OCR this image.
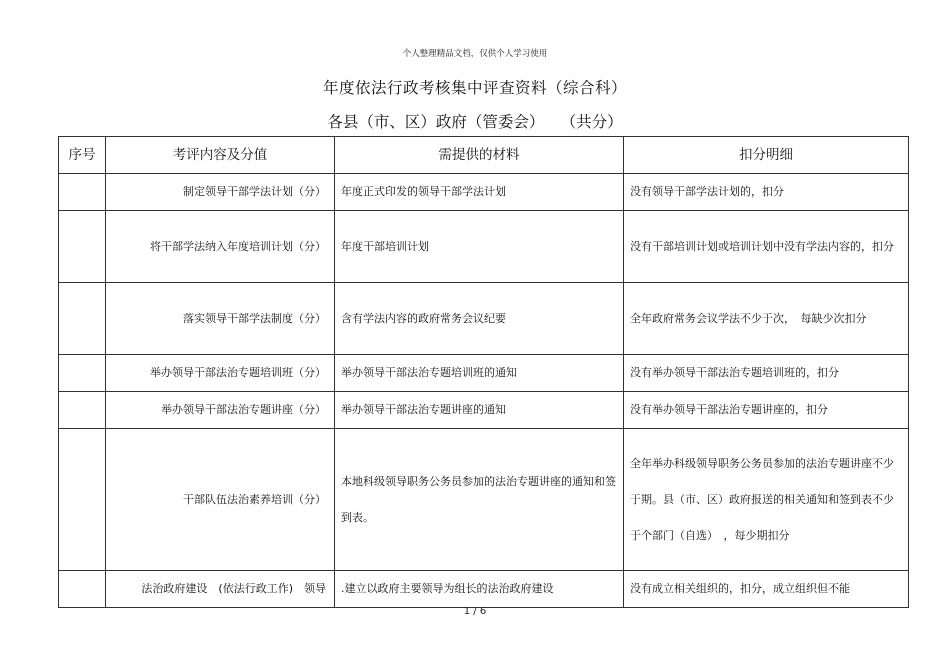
个人整理精品文档，仅供个人学习使用
年度依法行政考核集中评查资料（综合科）
各县（市、区）政府（管委会） （共分）
序号	考评内容及分值	需提供的材料	扣分明细
	制定领导干部学法计划（分）	年度正式印发的领导干部学法计划	没有领导干部学法计划的，扣分
	将干部学法纳入年度培训计划（分）	年度干部培训计划	没有干部培训计划或培训计划中没有学法内容的，扣分
	落实领导干部学法制度（分）	含有学法内容的政府常务会议纪要	全年政府常务会议学法不少于次，　每缺少次扣分
	举办领导干部法治专题培训班（分）	举办领导干部法治专题培训班的通知	没有举办领导干部法治专题培训班的，扣分
	举办领导干部法治专题讲座（分）	举办领导干部法治专题讲座的通知	没有举办领导干部法治专题讲座的，扣分
	干部队伍法治素养培训（分）	本地科级领导职务公务员参加的法治专题讲座的通知和签到表。	全年举办科级领导职务公务员参加的法治专题讲座不少于期。县（市、区）政府报送的相关通知和签到表不少于个部门（自选）　，每少期扣分
	法治政府建设　(依法行政工作)　领导	.建立以政府主要领导为组长的法治政府建设	没有成立相关组织的，扣分，成立组织但不能
1 / 6
